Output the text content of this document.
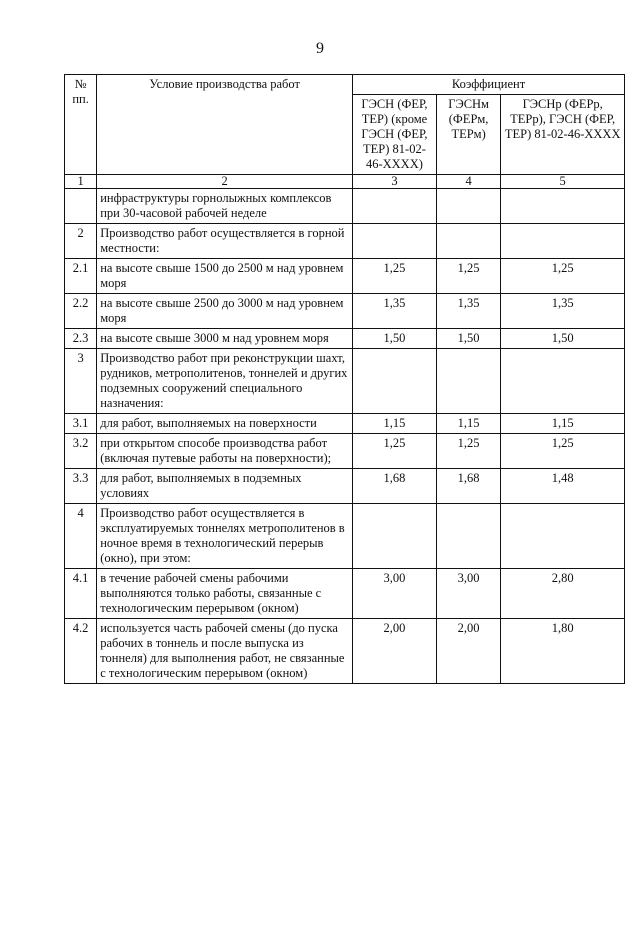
9
№ пп.	Условие производства работ	Коэффициент		
		ГЭСН (ФЕР, ТЕР) (кроме ГЭСН (ФЕР, ТЕР) 81-02-46-ХХХХ)	ГЭСНм (ФЕРм, ТЕРм)	ГЭСНр (ФЕРр, ТЕРр), ГЭСН (ФЕР, ТЕР) 81-02-46-ХХХХ
1	2	3	4	5
	инфраструктуры горнолыжных комплексов при 30-часовой рабочей неделе			
2	Производство работ осуществляется в горной местности:			
2.1	на высоте свыше 1500 до 2500 м над уровнем моря	1,25	1,25	1,25
2.2	на высоте свыше 2500 до 3000 м над уровнем моря	1,35	1,35	1,35
2.3	на высоте свыше 3000 м над уровнем моря	1,50	1,50	1,50
3	Производство работ при реконструкции шахт, рудников, метрополитенов, тоннелей и других подземных сооружений специального назначения:			
3.1	для работ, выполняемых на поверхности	1,15	1,15	1,15
3.2	при открытом способе производства работ (включая путевые работы на поверхности);	1,25	1,25	1,25
3.3	для работ, выполняемых в подземных условиях	1,68	1,68	1,48
4	Производство работ осуществляется в эксплуатируемых тоннелях метрополитенов в ночное время в технологический перерыв (окно), при этом:			
4.1	в течение рабочей смены рабочими выполняются только работы, связанные с технологическим перерывом (окном)	3,00	3,00	2,80
4.2	используется часть рабочей смены (до пуска рабочих в тоннель и после выпуска из тоннеля) для выполнения работ, не связанные с технологическим перерывом (окном)	2,00	2,00	1,80
